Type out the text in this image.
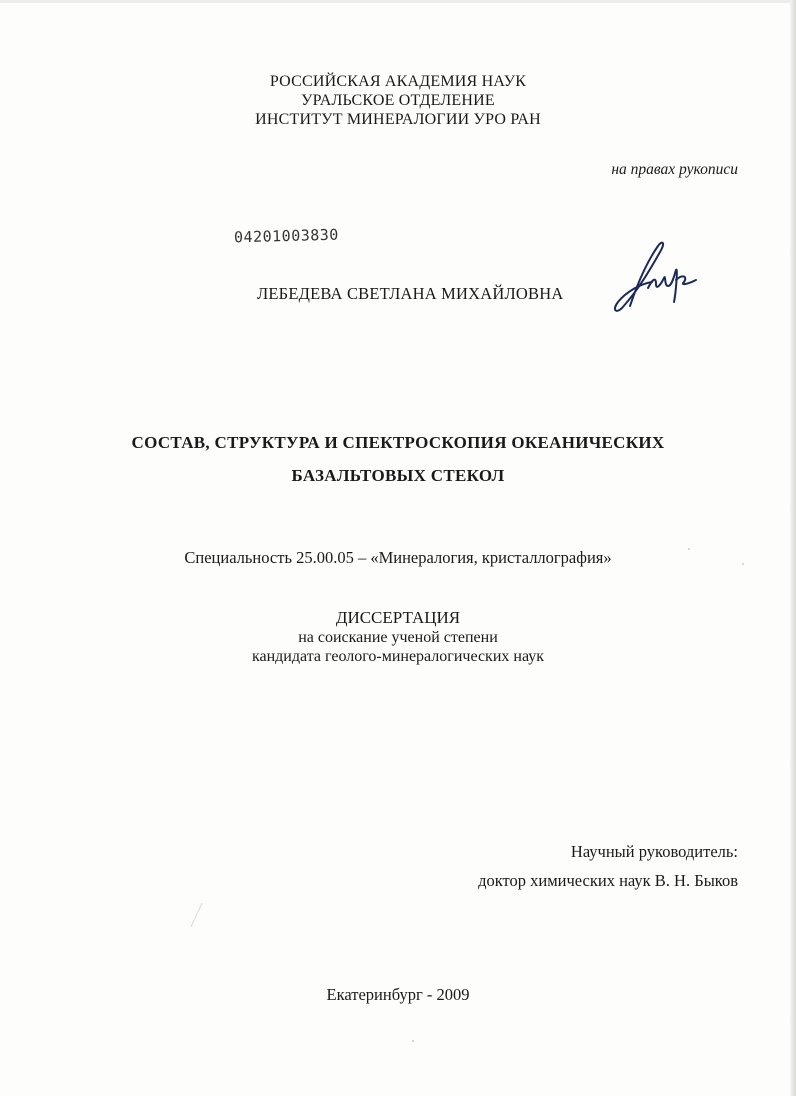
РОССИЙСКАЯ АКАДЕМИЯ НАУК
УРАЛЬСКОЕ ОТДЕЛЕНИЕ
ИНСТИТУТ МИНЕРАЛОГИИ УРО РАН
на правах рукописи
04201003830
ЛЕБЕДЕВА СВЕТЛАНА МИХАЙЛОВНА
СОСТАВ, СТРУКТУРА И СПЕКТРОСКОПИЯ ОКЕАНИЧЕСКИХ
БАЗАЛЬТОВЫХ СТЕКОЛ
Специальность 25.00.05 – «Минералогия, кристаллография»
ДИССЕРТАЦИЯ
на соискание ученой степени
кандидата геолого-минералогических наук
Научный руководитель:
доктор химических наук В. Н. Быков
Екатеринбург - 2009
